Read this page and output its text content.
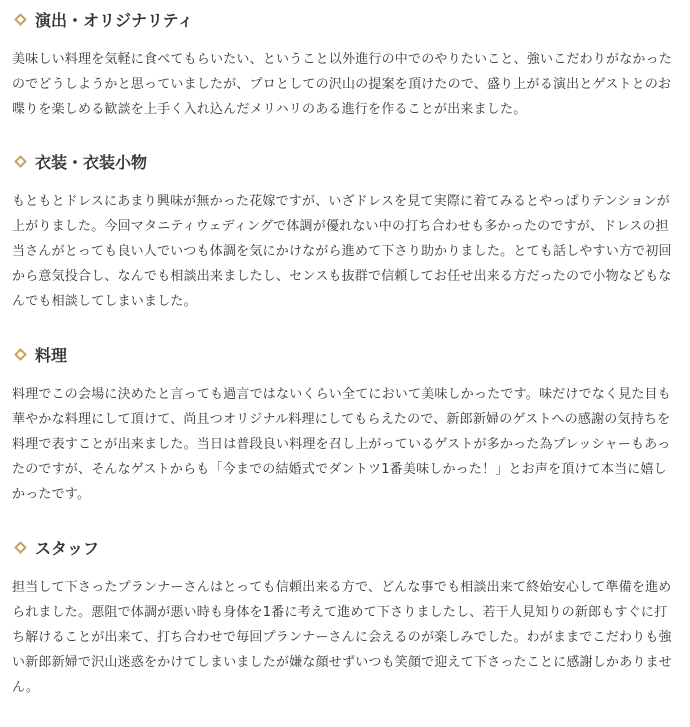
演出・オリジナリティ

美味しい料理を気軽に食べてもらいたい、ということ以外進行の中でのやりたいこと、強いこだわりがなかったのでどうしようかと思っていましたが、プロとしての沢山の提案を頂けたので、盛り上がる演出とゲストとのお喋りを楽しめる歓談を上手く入れ込んだメリハリのある進行を作ることが出来ました。

衣装・衣装小物

もともとドレスにあまり興味が無かった花嫁ですが、いざドレスを見て実際に着てみるとやっぱりテンションが上がりました。今回マタニティウェディングで体調が優れない中の打ち合わせも多かったのですが、ドレスの担当さんがとっても良い人でいつも体調を気にかけながら進めて下さり助かりました。とても話しやすい方で初回から意気投合し、なんでも相談出来ましたし、センスも抜群で信頼してお任せ出来る方だったので小物などもなんでも相談してしまいました。

料理

料理でこの会場に決めたと言っても過言ではないくらい全てにおいて美味しかったです。味だけでなく見た目も華やかな料理にして頂けて、尚且つオリジナル料理にしてもらえたので、新郎新婦のゲストへの感謝の気持ちを料理で表すことが出来ました。当日は普段良い料理を召し上がっているゲストが多かった為プレッシャーもあったのですが、そんなゲストからも「今までの結婚式でダントツ1番美味しかった！」とお声を頂けて本当に嬉しかったです。

スタッフ

担当して下さったプランナーさんはとっても信頼出来る方で、どんな事でも相談出来て終始安心して準備を進められました。悪阻で体調が悪い時も身体を1番に考えて進めて下さりましたし、若干人見知りの新郎もすぐに打ち解けることが出来て、打ち合わせで毎回プランナーさんに会えるのが楽しみでした。わがままでこだわりも強い新郎新婦で沢山迷惑をかけてしまいましたが嫌な顔せずいつも笑顔で迎えて下さったことに感謝しかありません。
